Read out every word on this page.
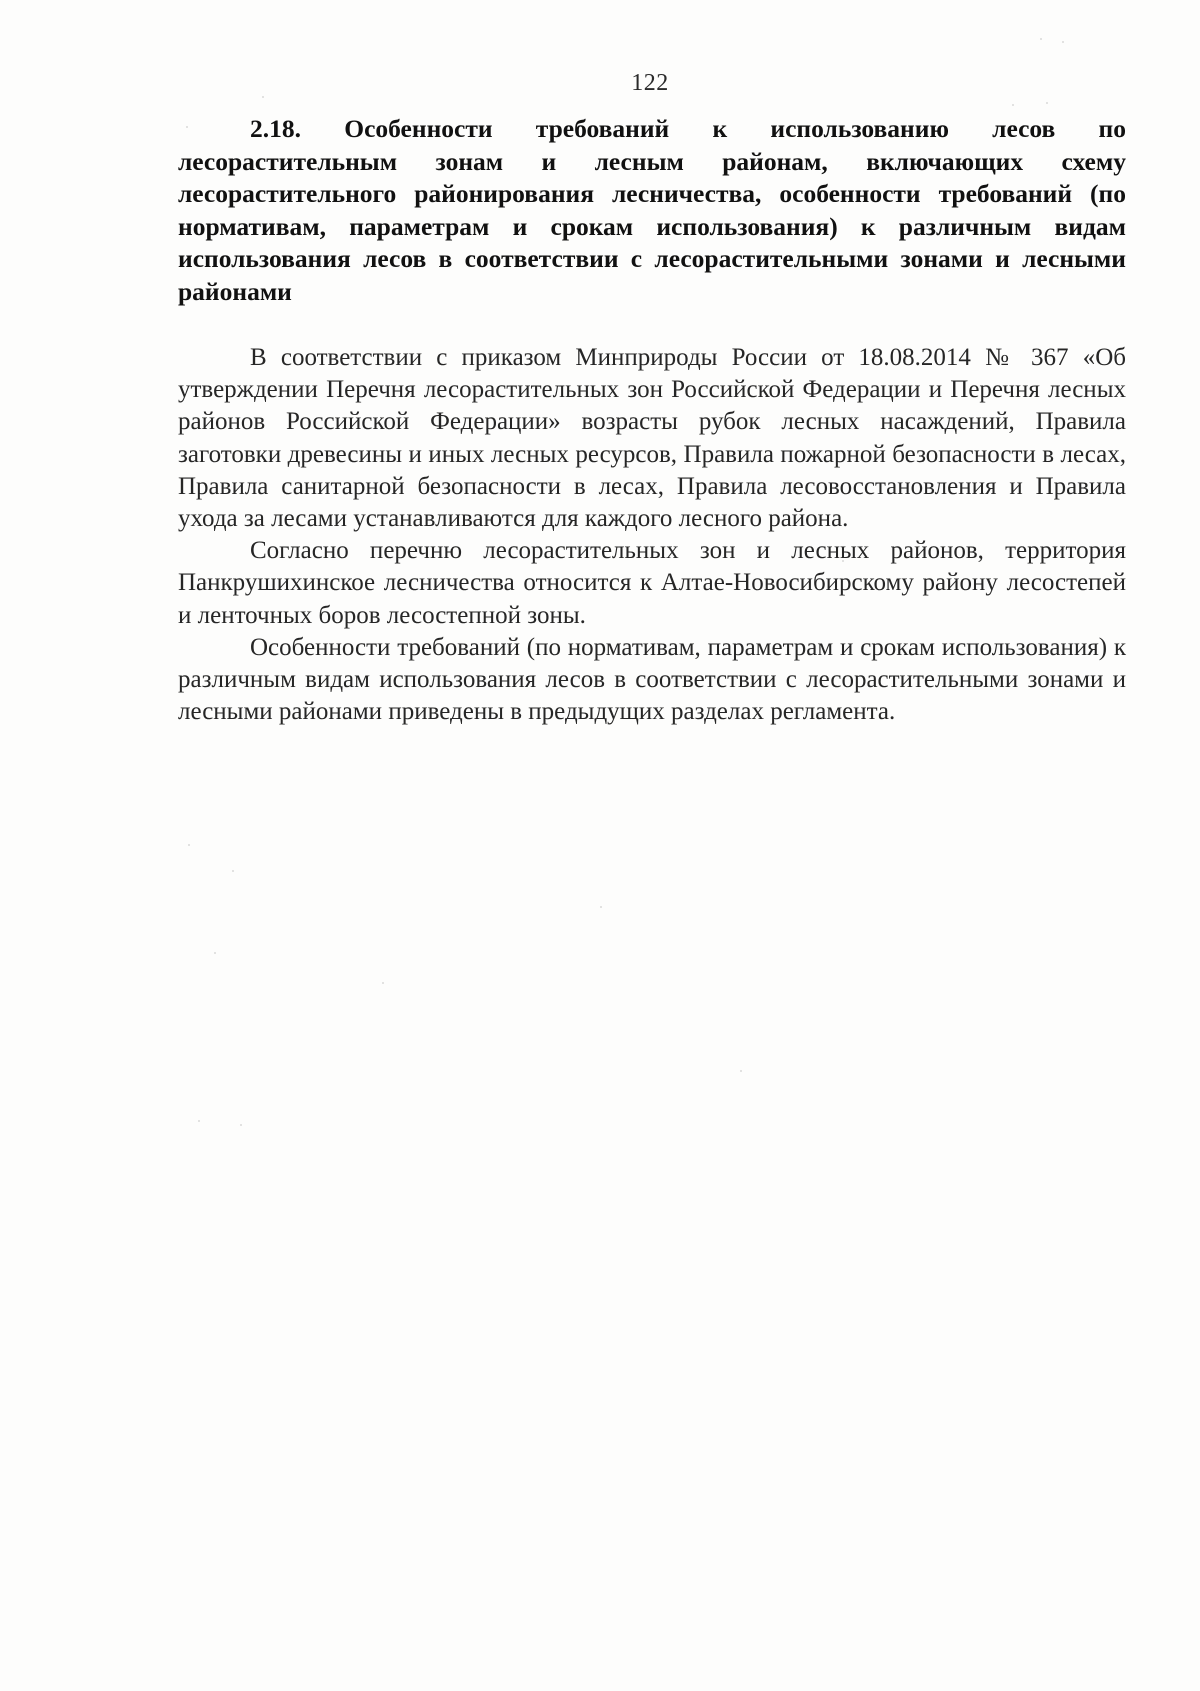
122

2.18. Особенности требований к использованию лесов по лесорастительным зонам и лесным районам, включающих схему лесорастительного районирования лесничества, особенности требований (по нормативам, параметрам и срокам использования) к различным видам использования лесов в соответствии с лесорастительными зонами и лесными районами

В соответствии с приказом Минприроды России от 18.08.2014 № 367 «Об утверждении Перечня лесорастительных зон Российской Федерации и Перечня лесных районов Российской Федерации» возрасты рубок лесных насаждений, Правила заготовки древесины и иных лесных ресурсов, Правила пожарной безопасности в лесах, Правила санитарной безопасности в лесах, Правила лесовосстановления и Правила ухода за лесами устанавливаются для каждого лесного района.

Согласно перечню лесорастительных зон и лесных районов, территория Панкрушихинское лесничества относится к Алтае-Новосибирскому району лесостепей и ленточных боров лесостепной зоны.

Особенности требований (по нормативам, параметрам и срокам использования) к различным видам использования лесов в соответствии с лесорастительными зонами и лесными районами приведены в предыдущих разделах регламента.
